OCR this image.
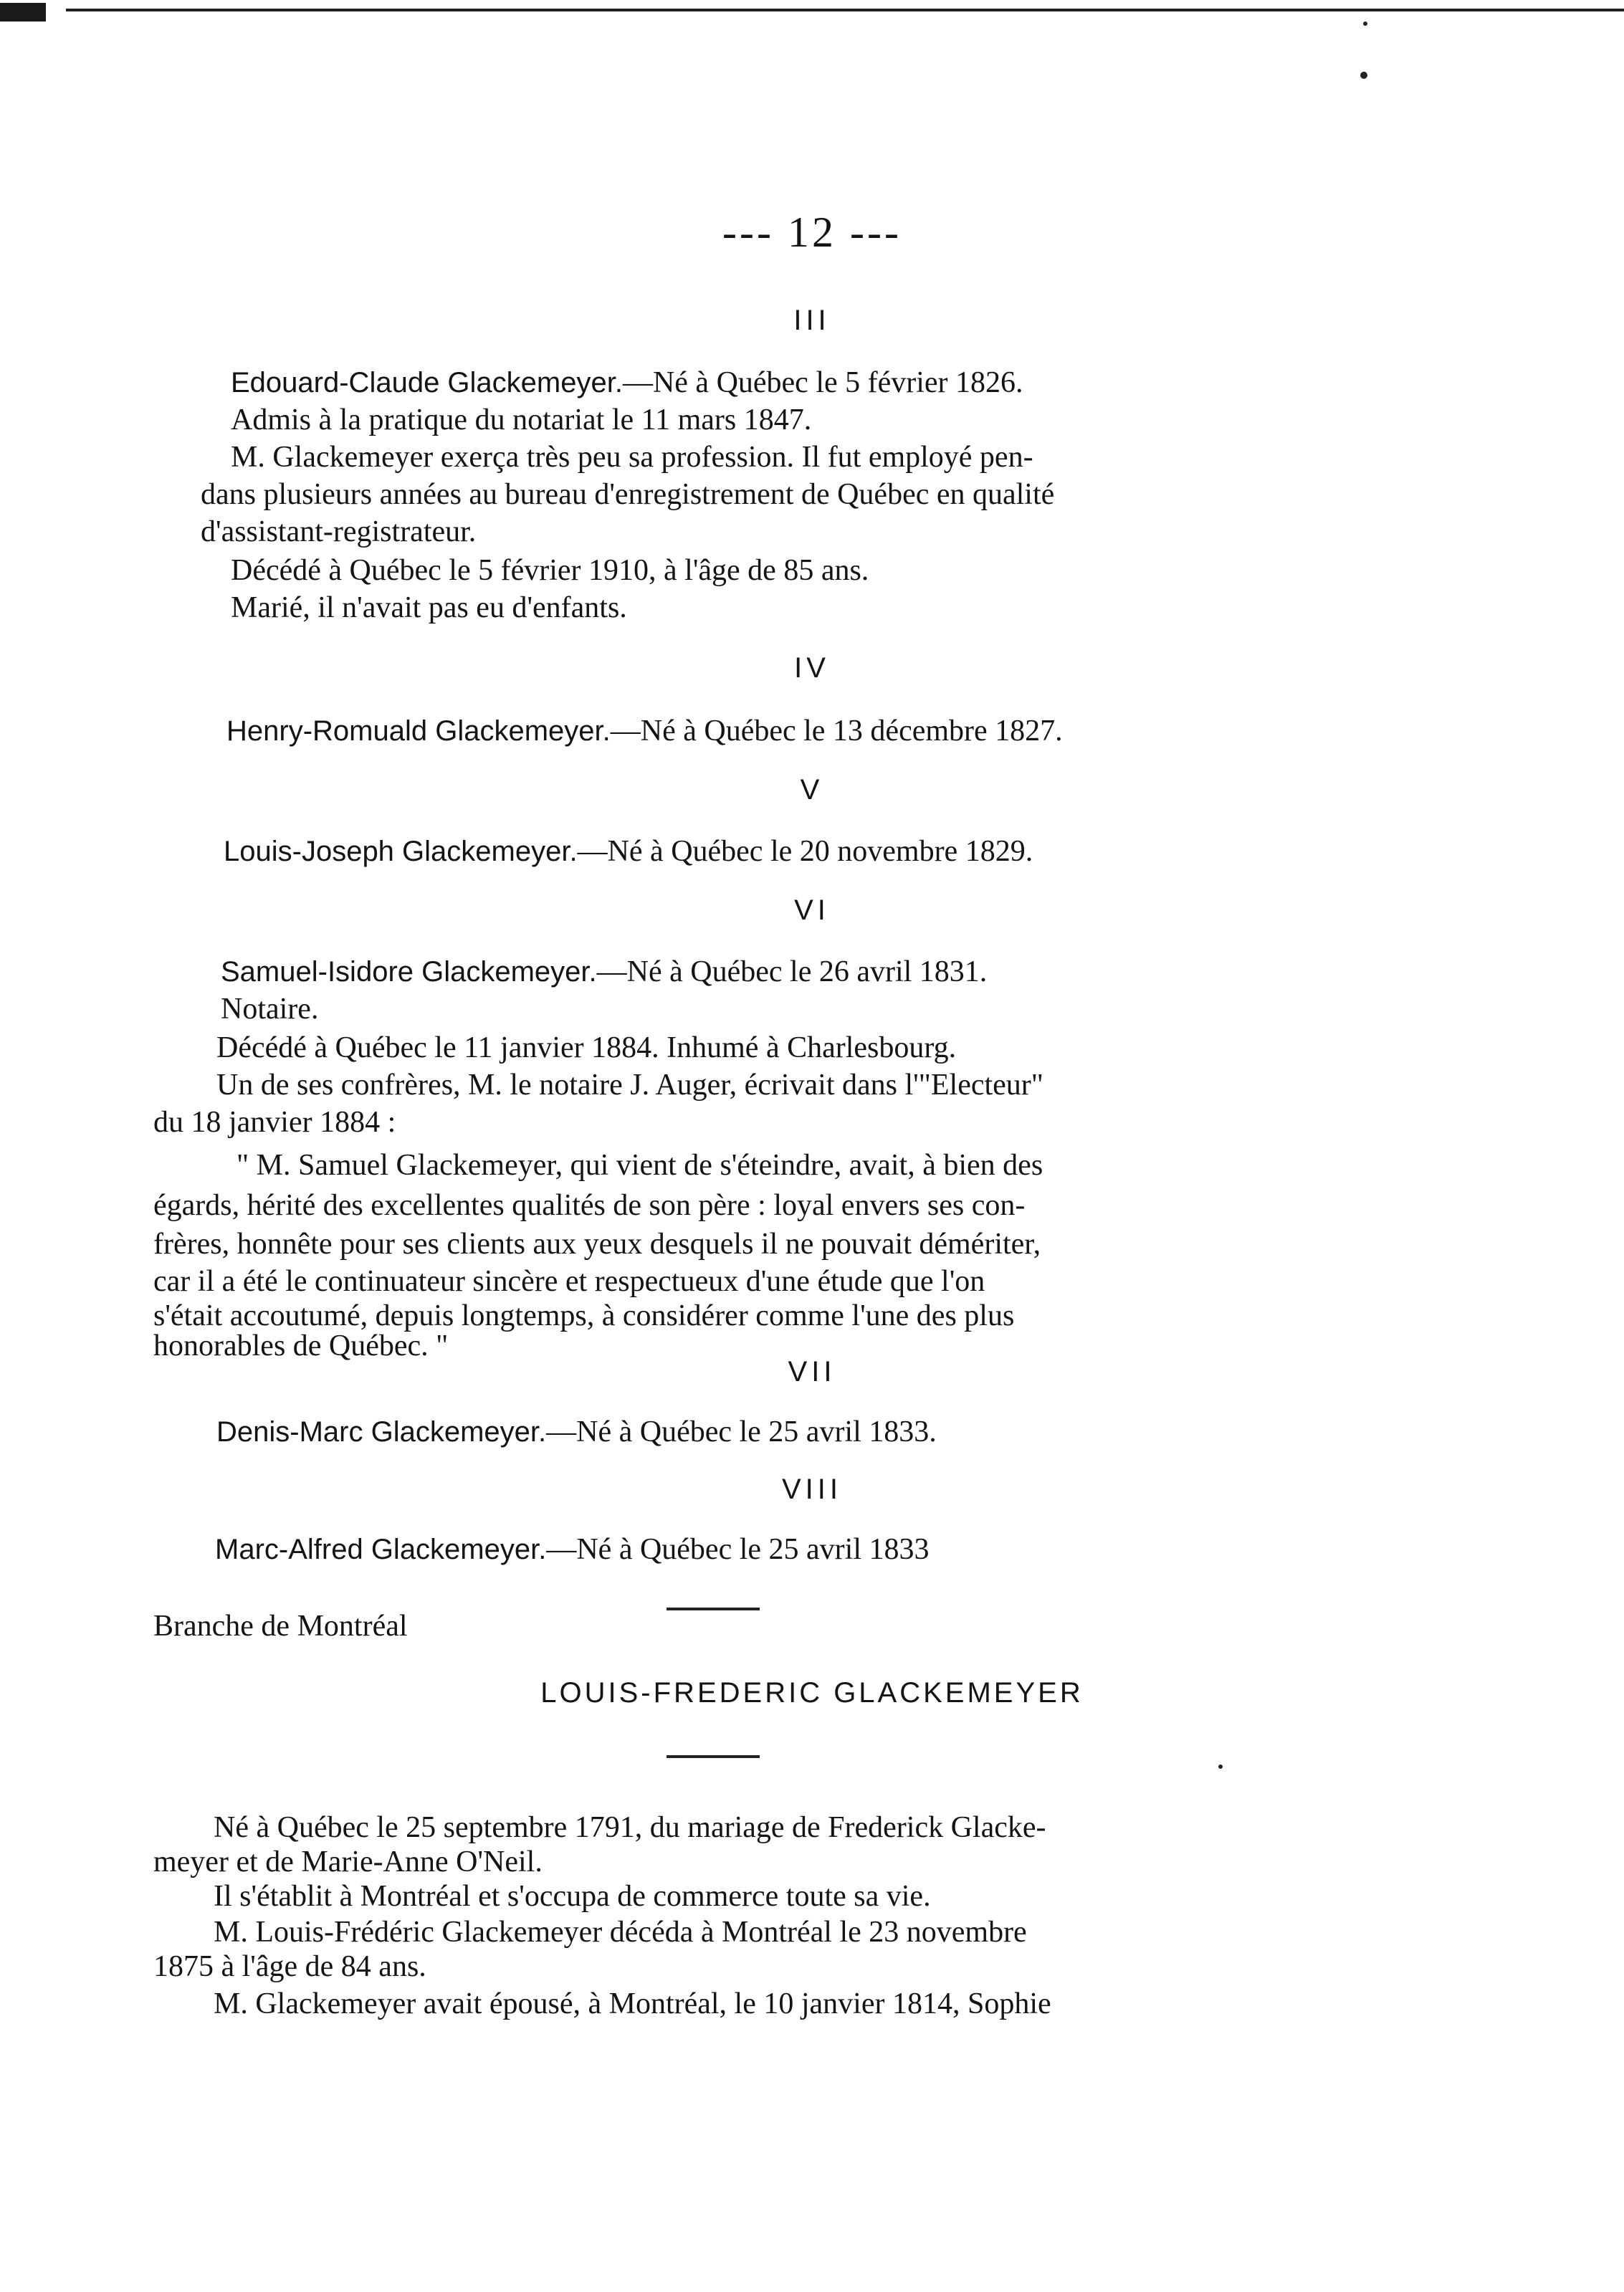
--- 12 ---
III
Edouard-Claude Glackemeyer.—Né à Québec le 5 février 1826.
Admis à la pratique du notariat le 11 mars 1847.
M. Glackemeyer exerça très peu sa profession. Il fut employé pen-
dans plusieurs années au bureau d'enregistrement de Québec en qualité
d'assistant-registrateur.
Décédé à Québec le 5 février 1910, à l'âge de 85 ans.
Marié, il n'avait pas eu d'enfants.
IV
Henry-Romuald Glackemeyer.—Né à Québec le 13 décembre 1827.
V
Louis-Joseph Glackemeyer.—Né à Québec le 20 novembre 1829.
VI
Samuel-Isidore Glackemeyer.—Né à Québec le 26 avril 1831.
Notaire.
Décédé à Québec le 11 janvier 1884. Inhumé à Charlesbourg.
Un de ses confrères, M. le notaire J. Auger, écrivait dans l'"Electeur"
du 18 janvier 1884 :
" M. Samuel Glackemeyer, qui vient de s'éteindre, avait, à bien des
égards, hérité des excellentes qualités de son père : loyal envers ses con-
frères, honnête pour ses clients aux yeux desquels il ne pouvait démériter,
car il a été le continuateur sincère et respectueux d'une étude que l'on
s'était accoutumé, depuis longtemps, à considérer comme l'une des plus
honorables de Québec. "
VII
Denis-Marc Glackemeyer.—Né à Québec le 25 avril 1833.
VIII
Marc-Alfred Glackemeyer.—Né à Québec le 25 avril 1833
Branche de Montréal
LOUIS-FREDERIC GLACKEMEYER
Né à Québec le 25 septembre 1791, du mariage de Frederick Glacke-
meyer et de Marie-Anne O'Neil.
Il s'établit à Montréal et s'occupa de commerce toute sa vie.
M. Louis-Frédéric Glackemeyer décéda à Montréal le 23 novembre
1875 à l'âge de 84 ans.
M. Glackemeyer avait épousé, à Montréal, le 10 janvier 1814, Sophie
